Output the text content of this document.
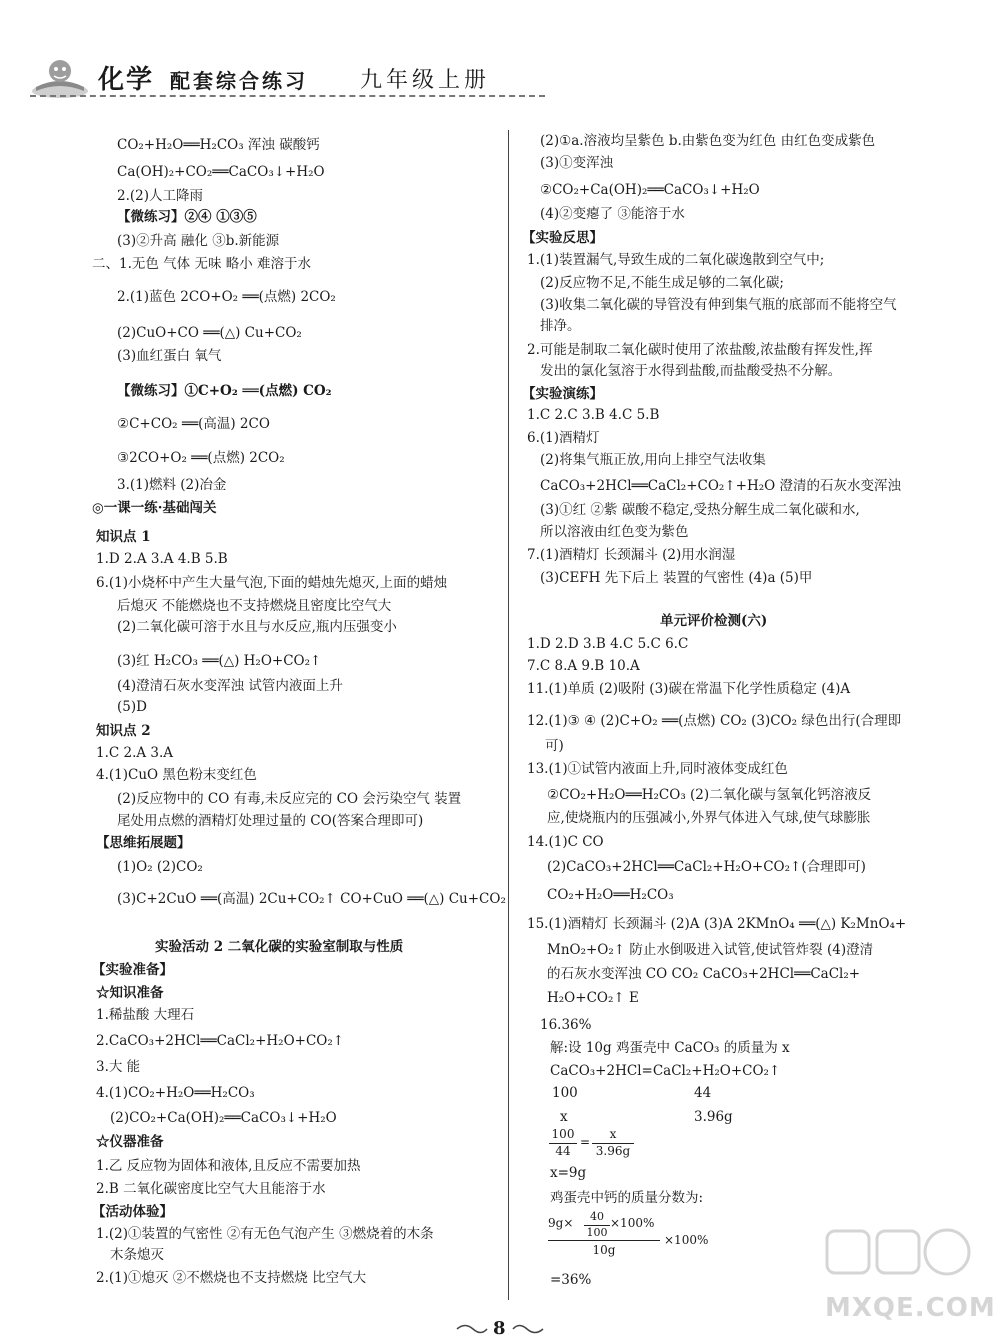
化学 配套综合练习 九年级上册
CO₂+H₂O══H₂CO₃ 浑浊 碳酸钙
Ca(OH)₂+CO₂══CaCO₃↓+H₂O
2.(2)人工降雨
【微练习】②④ ①③⑤
(3)②升高 融化 ③b.新能源
二、1.无色 气体 无味 略小 难溶于水
2.(1)蓝色 2CO+O₂ ══(点燃) 2CO₂
(2)CuO+CO ══(△) Cu+CO₂
(3)血红蛋白 氧气
【微练习】①C+O₂ ══(点燃) CO₂
②C+CO₂ ══(高温) 2CO
③2CO+O₂ ══(点燃) 2CO₂
3.(1)燃料 (2)冶金
◎一课一练·基础闯关
知识点 1
1.D 2.A 3.A 4.B 5.B
6.(1)小烧杯中产生大量气泡,下面的蜡烛先熄灭,上面的蜡烛
后熄灭 不能燃烧也不支持燃烧且密度比空气大
(2)二氧化碳可溶于水且与水反应,瓶内压强变小
(3)红 H₂CO₃ ══(△) H₂O+CO₂↑
(4)澄清石灰水变浑浊 试管内液面上升
(5)D
知识点 2
1.C 2.A 3.A
4.(1)CuO 黑色粉末变红色
(2)反应物中的 CO 有毒,未反应完的 CO 会污染空气 装置
尾处用点燃的酒精灯处理过量的 CO(答案合理即可)
【思维拓展题】
(1)O₂ (2)CO₂
(3)C+2CuO ══(高温) 2Cu+CO₂↑ CO+CuO ══(△) Cu+CO₂
实验活动 2 二氧化碳的实验室制取与性质
【实验准备】
☆知识准备
1.稀盐酸 大理石
2.CaCO₃+2HCl══CaCl₂+H₂O+CO₂↑
3.大 能
4.(1)CO₂+H₂O══H₂CO₃
(2)CO₂+Ca(OH)₂══CaCO₃↓+H₂O
☆仪器准备
1.乙 反应物为固体和液体,且反应不需要加热
2.B 二氧化碳密度比空气大且能溶于水
【活动体验】
1.(2)①装置的气密性 ②有无色气泡产生 ③燃烧着的木条
木条熄灭
2.(1)①熄灭 ②不燃烧也不支持燃烧 比空气大
(2)①a.溶液均呈紫色 b.由紫色变为红色 由红色变成紫色
(3)①变浑浊
②CO₂+Ca(OH)₂══CaCO₃↓+H₂O
(4)②变瘪了 ③能溶于水
【实验反思】
1.(1)装置漏气,导致生成的二氧化碳逸散到空气中;
(2)反应物不足,不能生成足够的二氧化碳;
(3)收集二氧化碳的导管没有伸到集气瓶的底部而不能将空气
排净。
2.可能是制取二氧化碳时使用了浓盐酸,浓盐酸有挥发性,挥
发出的氯化氢溶于水得到盐酸,而盐酸受热不分解。
【实验演练】
1.C 2.C 3.B 4.C 5.B
6.(1)酒精灯
(2)将集气瓶正放,用向上排空气法收集
CaCO₃+2HCl══CaCl₂+CO₂↑+H₂O 澄清的石灰水变浑浊
(3)①红 ②紫 碳酸不稳定,受热分解生成二氧化碳和水,
所以溶液由红色变为紫色
7.(1)酒精灯 长颈漏斗 (2)用水润湿
(3)CEFH 先下后上 装置的气密性 (4)a (5)甲
单元评价检测(六)
1.D 2.D 3.B 4.C 5.C 6.C
7.C 8.A 9.B 10.A
11.(1)单质 (2)吸附 (3)碳在常温下化学性质稳定 (4)A
12.(1)③ ④ (2)C+O₂ ══(点燃) CO₂ (3)CO₂ 绿色出行(合理即
可)
13.(1)①试管内液面上升,同时液体变成红色
②CO₂+H₂O══H₂CO₃ (2)二氧化碳与氢氧化钙溶液反
应,使烧瓶内的压强减小,外界气体进入气球,使气球膨胀
14.(1)C CO
(2)CaCO₃+2HCl══CaCl₂+H₂O+CO₂↑(合理即可)
CO₂+H₂O══H₂CO₃
15.(1)酒精灯 长颈漏斗 (2)A (3)A 2KMnO₄ ══(△) K₂MnO₄+
MnO₂+O₂↑ 防止水倒吸进入试管,使试管炸裂 (4)澄清
的石灰水变浑浊 CO CO₂ CaCO₃+2HCl══CaCl₂+
H₂O+CO₂↑ E
16.36%
解:设 10g 鸡蛋壳中 CaCO₃ 的质量为 x
CaCO₃+2HCl=CaCl₂+H₂O+CO₂↑
100	44
x	3.96g
x=9g
鸡蛋壳中钙的质量分数为:
=36%
100
44
=
x
3.96g
9g×	40
100
×100%
10g
×100%
8
MXQE.COM
